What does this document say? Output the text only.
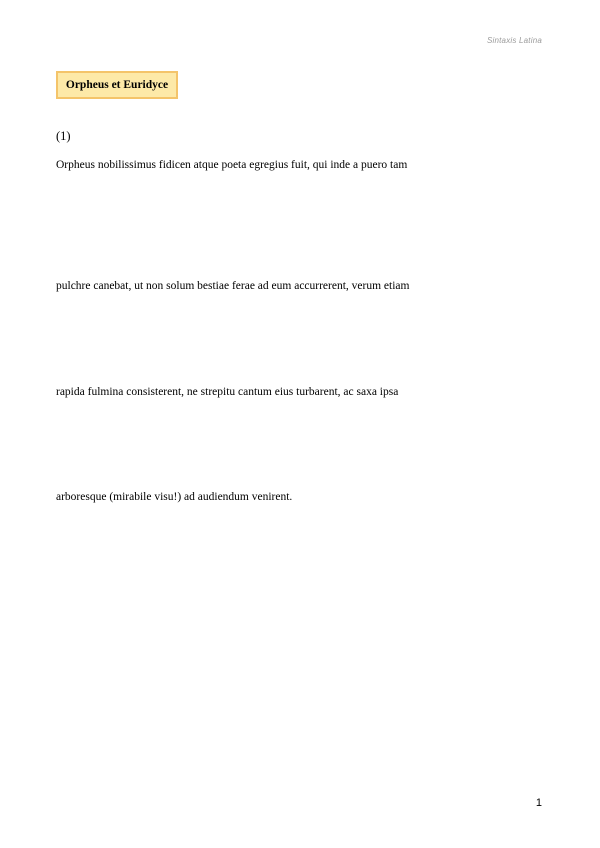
Sintaxis Latina
Orpheus et Euridyce
(1)
Orpheus nobilissimus fidicen atque poeta egregius fuit, qui inde a puero tam
pulchre canebat, ut non solum bestiae ferae ad eum accurrerent, verum etiam
rapida fulmina consisterent, ne strepitu cantum eius turbarent, ac saxa ipsa
arboresque (mirabile visu!) ad audiendum venirent.
1
